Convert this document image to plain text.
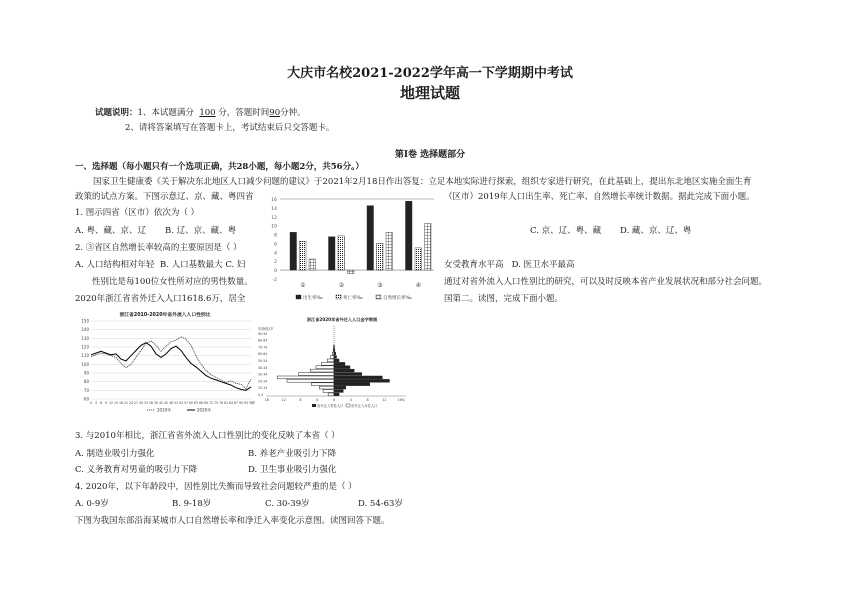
大庆市名校2021-2022学年高一下学期期中考试
地理试题
试题说明：1、本试题满分 100 分，答题时间90分钟。
2、请将答案填写在答题卡上，考试结束后只交答题卡。
第Ⅰ卷 选择题部分
一、选择题（每小题只有一个选项正确，共28小题，每小题2分，共56分。）
国家卫生健康委《关于解决东北地区人口减少问题的建议》于2021年2月18日作出答复：立足本地实际进行探索，组织专家进行研究，在此基础上，提出东北地区实施全面生育
政策的试点方案。下图示意辽、京、藏、粤四省	（区市）2019年人口出生率、死亡率、自然增长率统计数据。据此完成下面小题。
1. 图示四省（区市）依次为（ ）
A. 粤、藏、京、辽 B. 辽、京、藏、粤	C. 京、辽、粤、藏 D. 藏、京、辽、粤
2. ③省区自然增长率较高的主要原因是（ ）
A. 人口结构相对年轻 B. 人口基数最大 C. 妇	女受教育水平高 D. 医卫水平最高
性别比是每100位女性所对应的男性数量。	通过对省外流入人口性别比的研究，可以及时反映本省产业发展状况和部分社会问题。
2020年浙江省省外迁入人口1618.6万，居全	国第二。读图，完成下面小题。
16
14
12
10
8
6
4
2
0
-2
①	②	③	④
出生率‰	死亡率‰	自然增长率‰
浙江省2010-2020年省外流入人口性别比
150
140
130
120
110
100
90
80
70
60
0 3 6 9 12 15 18 21 24 27 30 33 36 39 42 45 48 51 54 57 60 63 66 69 72 75 78 81 84 87 90 93 96
岁
2010年	2020年
浙江省2020年省外迁入人口金字塔图
年龄段/岁
90-94
80-84
70-74
60-64
50-54
40-44
30-34
20-24
10-14
0-4
16	12	8	4	0	4	8	12	16%
省外迁入男性人口 省外迁入女性人口
3. 与2010年相比，浙江省省外流入人口性别比的变化反映了本省（ ）
A. 制造业吸引力强化	B. 养老产业吸引力下降
C. 义务教育对男童的吸引力下降	D. 卫生事业吸引力强化
4. 2020年，以下年龄段中，因性别比失衡而导致社会问题较严重的是（ ）
A. 0-9岁	B. 9-18岁	C. 30-39岁	D. 54-63岁
下图为我国东部沿海某城市人口自然增长率和净迁入率变化示意图。读图回答下题。
